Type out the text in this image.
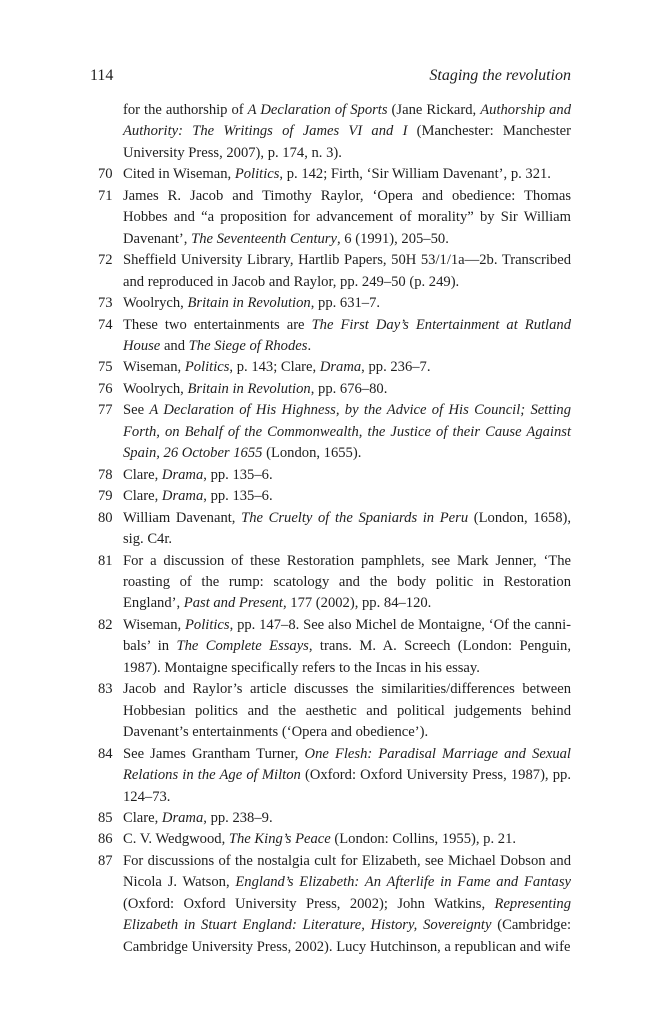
114	Staging the revolution
for the authorship of A Declaration of Sports (Jane Rickard, Authorship and Authority: The Writings of James VI and I (Manchester: Manchester University Press, 2007), p. 174, n. 3).
70 Cited in Wiseman, Politics, p. 142; Firth, ‘Sir William Davenant’, p. 321.
71 James R. Jacob and Timothy Raylor, ‘Opera and obedience: Thomas Hobbes and “a proposition for advancement of morality” by Sir William Davenant’, The Seventeenth Century, 6 (1991), 205–50.
72 Sheffield University Library, Hartlib Papers, 50H 53/1/1a—2b. Transcribed and reproduced in Jacob and Raylor, pp. 249–50 (p. 249).
73 Woolrych, Britain in Revolution, pp. 631–7.
74 These two entertainments are The First Day’s Entertainment at Rutland House and The Siege of Rhodes.
75 Wiseman, Politics, p. 143; Clare, Drama, pp. 236–7.
76 Woolrych, Britain in Revolution, pp. 676–80.
77 See A Declaration of His Highness, by the Advice of His Council; Setting Forth, on Behalf of the Commonwealth, the Justice of their Cause Against Spain, 26 October 1655 (London, 1655).
78 Clare, Drama, pp. 135–6.
79 Clare, Drama, pp. 135–6.
80 William Davenant, The Cruelty of the Spaniards in Peru (London, 1658), sig. C4r.
81 For a discussion of these Restoration pamphlets, see Mark Jenner, ‘The roasting of the rump: scatology and the body politic in Restoration England’, Past and Present, 177 (2002), pp. 84–120.
82 Wiseman, Politics, pp. 147–8. See also Michel de Montaigne, ‘Of the canni-bals’ in The Complete Essays, trans. M. A. Screech (London: Penguin, 1987). Montaigne specifically refers to the Incas in his essay.
83 Jacob and Raylor’s article discusses the similarities/differences between Hobbesian politics and the aesthetic and political judgements behind Davenant’s entertainments (‘Opera and obedience’).
84 See James Grantham Turner, One Flesh: Paradisal Marriage and Sexual Relations in the Age of Milton (Oxford: Oxford University Press, 1987), pp. 124–73.
85 Clare, Drama, pp. 238–9.
86 C. V. Wedgwood, The King’s Peace (London: Collins, 1955), p. 21.
87 For discussions of the nostalgia cult for Elizabeth, see Michael Dobson and Nicola J. Watson, England’s Elizabeth: An Afterlife in Fame and Fantasy (Oxford: Oxford University Press, 2002); John Watkins, Representing Elizabeth in Stuart England: Literature, History, Sovereignty (Cambridge: Cambridge University Press, 2002). Lucy Hutchinson, a republican and wife
